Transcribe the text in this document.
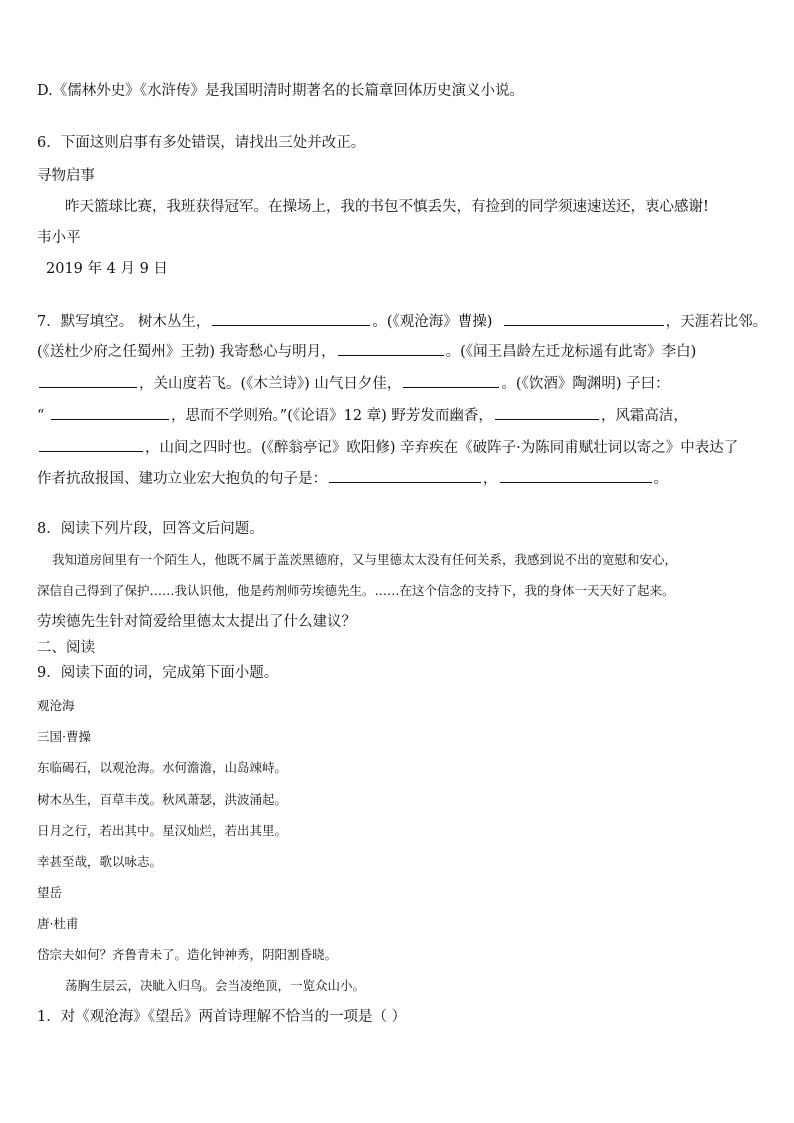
D.《儒林外史》《水浒传》是我国明清时期著名的长篇章回体历史演义小说。
6．下面这则启事有多处错误，请找出三处并改正。
寻物启事
昨天篮球比赛，我班获得冠军。在操场上，我的书包不慎丢失，有捡到的同学须速速送还，衷心感谢!
韦小平
2019 年 4 月 9 日
7．默写填空。 树木丛生，	。(《观沧海》曹操)	，天涯若比邻。
(《送杜少府之任蜀州》王勃) 我寄愁心与明月，	。(《闻王昌龄左迁龙标遥有此寄》李白)
，关山度若飞。(《木兰诗》) 山气日夕佳，	。(《饮酒》陶渊明) 子曰：
“	，思而不学则殆。”(《论语》12 章) 野芳发而幽香，	，风霜高洁，
，山间之四时也。(《醉翁亭记》欧阳修) 辛弃疾在《破阵子·为陈同甫赋壮词以寄之》中表达了
作者抗敌报国、建功立业宏大抱负的句子是：	，	。
8．阅读下列片段，回答文后问题。
我知道房间里有一个陌生人，他既不属于盖茨黑德府，又与里德太太没有任何关系，我感到说不出的宽慰和安心，
深信自己得到了保护……我认识他，他是药剂师劳埃德先生。……在这个信念的支持下，我的身体一天天好了起来。
劳埃德先生针对简爱给里德太太提出了什么建议？
二、阅读
9．阅读下面的词，完成第下面小题。
观沧海
三国·曹操
东临碣石，以观沧海。水何澹澹，山岛竦峙。
树木丛生，百草丰茂。秋风萧瑟，洪波涌起。
日月之行，若出其中。星汉灿烂，若出其里。
幸甚至哉，歌以咏志。
望岳
唐·杜甫
岱宗夫如何？齐鲁青未了。造化钟神秀，阴阳割昏晓。
荡胸生层云，决眦入归鸟。会当凌绝顶，一览众山小。
1．对《观沧海》《望岳》两首诗理解不恰当的一项是（ ）
